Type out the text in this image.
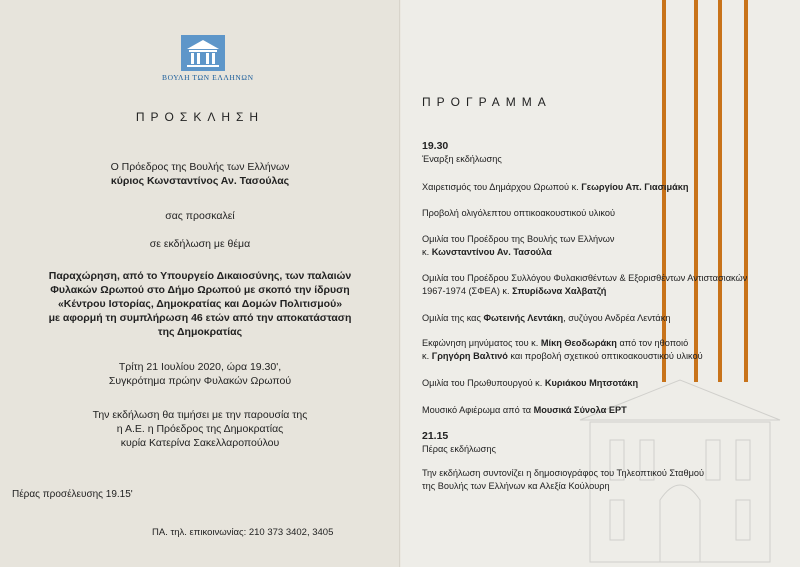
ΒΟΥΛΗ ΤΩΝ ΕΛΛΗΝΩΝ
ΠΡΟΣΚΛΗΣΗ
Ο Πρόεδρος της Βουλής των Ελλήνων
κύριος Κωνσταντίνος Αν. Τασούλας
σας προσκαλεί
σε εκδήλωση με θέμα
Παραχώρηση, από το Υπουργείο Δικαιοσύνης, των παλαιών
Φυλακών Ωρωπού στο Δήμο Ωρωπού με σκοπό την ίδρυση
«Κέντρου Ιστορίας, Δημοκρατίας και Δομών Πολιτισμού»
με αφορμή τη συμπλήρωση 46 ετών από την αποκατάσταση
της Δημοκρατίας
Τρίτη 21 Ιουλίου 2020, ώρα 19.30',
Συγκρότημα πρώην Φυλακών Ωρωπού
Την εκδήλωση θα τιμήσει με την παρουσία της
η Α.Ε. η Πρόεδρος της Δημοκρατίας
κυρία Κατερίνα Σακελλαροπούλου
Πέρας προσέλευσης 19.15'
ΠΑ. τηλ. επικοινωνίας: 210 373 3402, 3405
ΠΡΟΓΡΑΜΜΑ
19.30
Έναρξη εκδήλωσης
Χαιρετισμός του Δημάρχου Ωρωπού κ. Γεωργίου Απ. Γιασιμάκη
Προβολή ολιγόλεπτου οπτικοακουστικού υλικού
Ομιλία του Προέδρου της Βουλής των Ελλήνων
κ. Κωνσταντίνου Αν. Τασούλα
Ομιλία του Προέδρου Συλλόγου Φυλακισθέντων & Εξορισθέντων Αντιστασιακών
1967-1974 (ΣΦΕΑ) κ. Σπυρίδωνα Χαλβατζή
Ομιλία της κας Φωτεινής Λεντάκη, συζύγου Ανδρέα Λεντάκη
Εκφώνηση μηνύματος του κ. Μίκη Θεοδωράκη από τον ηθοποιό
κ. Γρηγόρη Βαλτινό και προβολή σχετικού οπτικοακουστικού υλικού
Ομιλία του Πρωθυπουργού κ. Κυριάκου Μητσοτάκη
Μουσικό Αφιέρωμα από τα Μουσικά Σύνολα ΕΡΤ
21.15
Πέρας εκδήλωσης
Την εκδήλωση συντονίζει η δημοσιογράφος του Τηλεοπτικού Σταθμού
της Βουλής των Ελλήνων κα Αλεξία Κούλουρη
